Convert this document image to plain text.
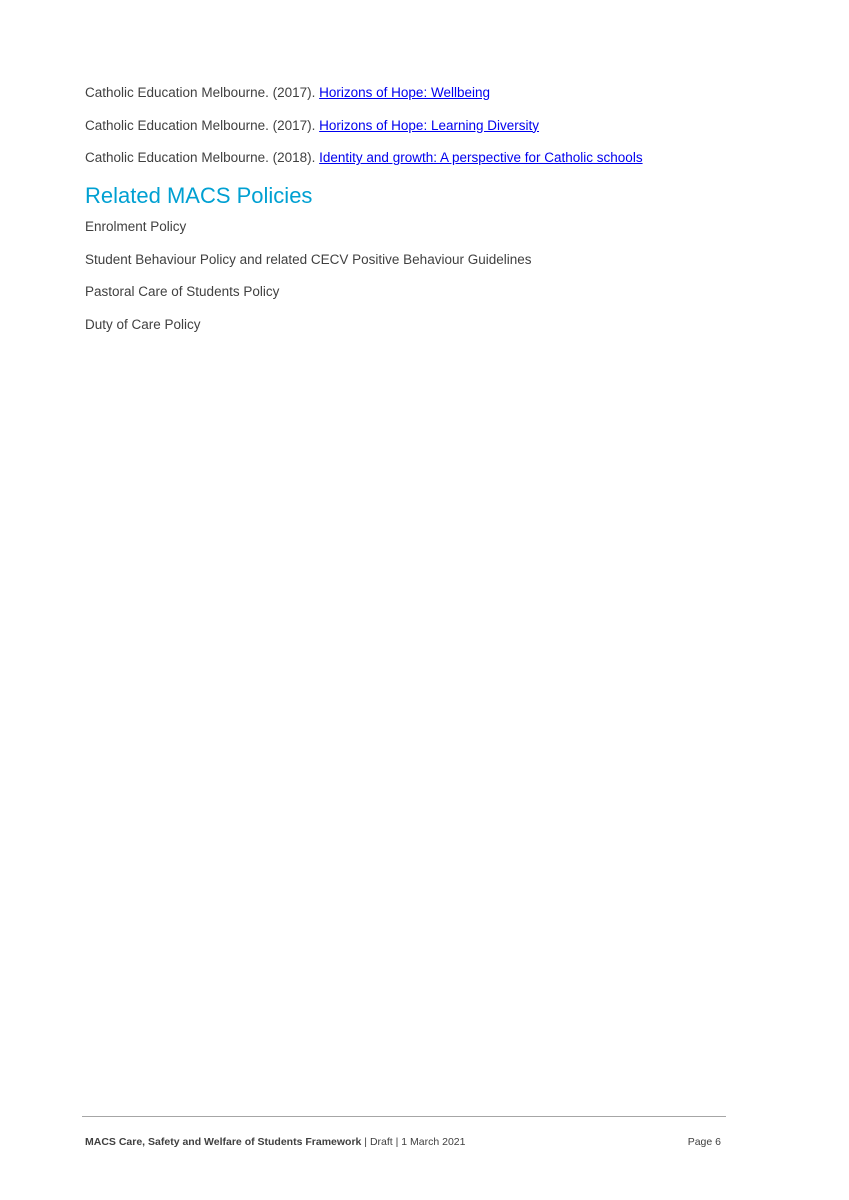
Catholic Education Melbourne. (2017). Horizons of Hope: Wellbeing

Catholic Education Melbourne. (2017). Horizons of Hope: Learning Diversity

Catholic Education Melbourne. (2018). Identity and growth: A perspective for Catholic schools

Related MACS Policies

Enrolment Policy

Student Behaviour Policy and related CECV Positive Behaviour Guidelines

Pastoral Care of Students Policy

Duty of Care Policy

MACS Care, Safety and Welfare of Students Framework | Draft | 1 March 2021	Page 6
